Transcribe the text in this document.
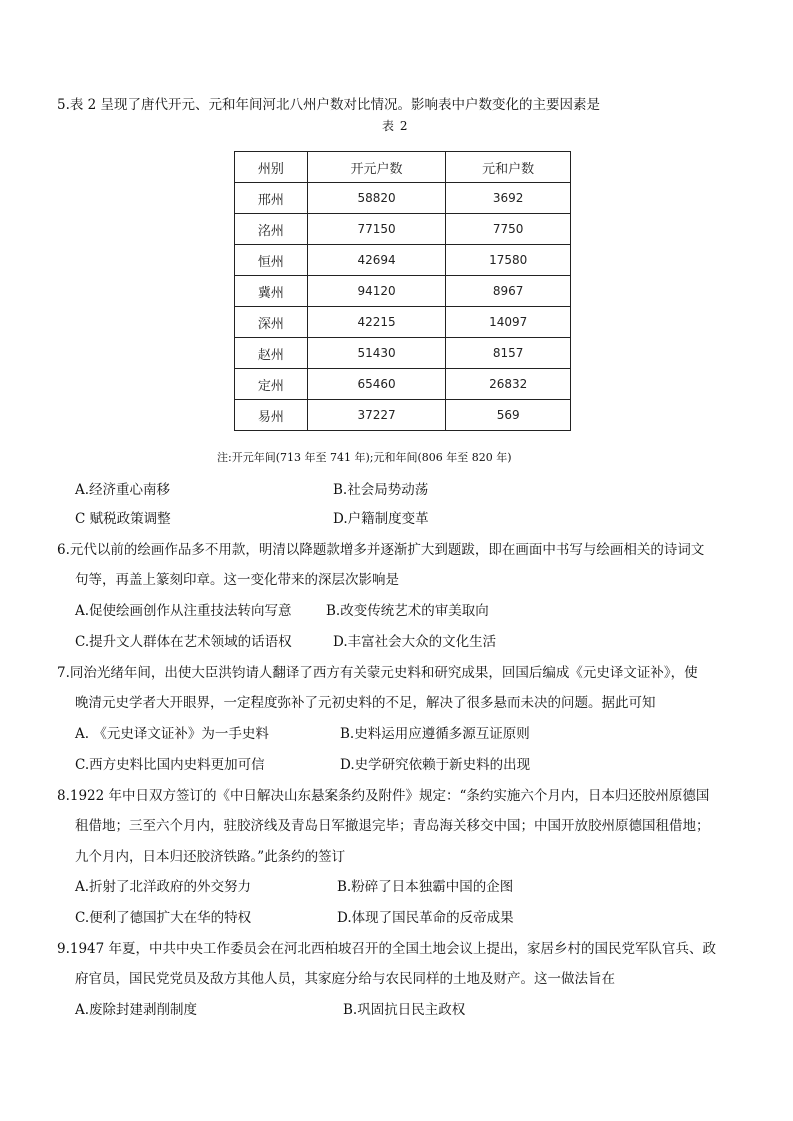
5.表 2 呈现了唐代开元、元和年间河北八州户数对比情况。影响表中户数变化的主要因素是
表 2
州别	开元户数	元和户数
邢州	58820	3692
洺州	77150	7750
恒州	42694	17580
冀州	94120	8967
深州	42215	14097
赵州	51430	8157
定州	65460	26832
易州	37227	569
注:开元年间(713 年至 741 年);元和年间(806 年至 820 年)
A.经济重心南移	B.社会局势动荡
C 赋税政策调整	D.户籍制度变革
6.元代以前的绘画作品多不用款，明清以降题款增多并逐渐扩大到题跋，即在画面中书写与绘画相关的诗词文
句等，再盖上篆刻印章。这一变化带来的深层次影响是
A.促使绘画创作从注重技法转向写意	B.改变传统艺术的审美取向
C.提升文人群体在艺术领域的话语权	D.丰富社会大众的文化生活
7.同治光绪年间，出使大臣洪钧请人翻译了西方有关蒙元史料和研究成果，回国后编成《元史译文证补》，使
晚清元史学者大开眼界，一定程度弥补了元初史料的不足，解决了很多悬而未决的问题。据此可知
A. 《元史译文证补》为一手史料	B.史料运用应遵循多源互证原则
C.西方史料比国内史料更加可信	D.史学研究依赖于新史料的出现
8.1922 年中日双方签订的《中日解决山东悬案条约及附件》规定：“条约实施六个月内，日本归还胶州原德国
租借地；三至六个月内，驻胶济线及青岛日军撤退完毕；青岛海关移交中国；中国开放胶州原德国租借地；
九个月内，日本归还胶济铁路。”此条约的签订
A.折射了北洋政府的外交努力	B.粉碎了日本独霸中国的企图
C.便利了德国扩大在华的特权	D.体现了国民革命的反帝成果
9.1947 年夏，中共中央工作委员会在河北西柏坡召开的全国土地会议上提出，家居乡村的国民党军队官兵、政
府官员，国民党党员及敌方其他人员，其家庭分给与农民同样的土地及财产。这一做法旨在
A.废除封建剥削制度	B.巩固抗日民主政权
